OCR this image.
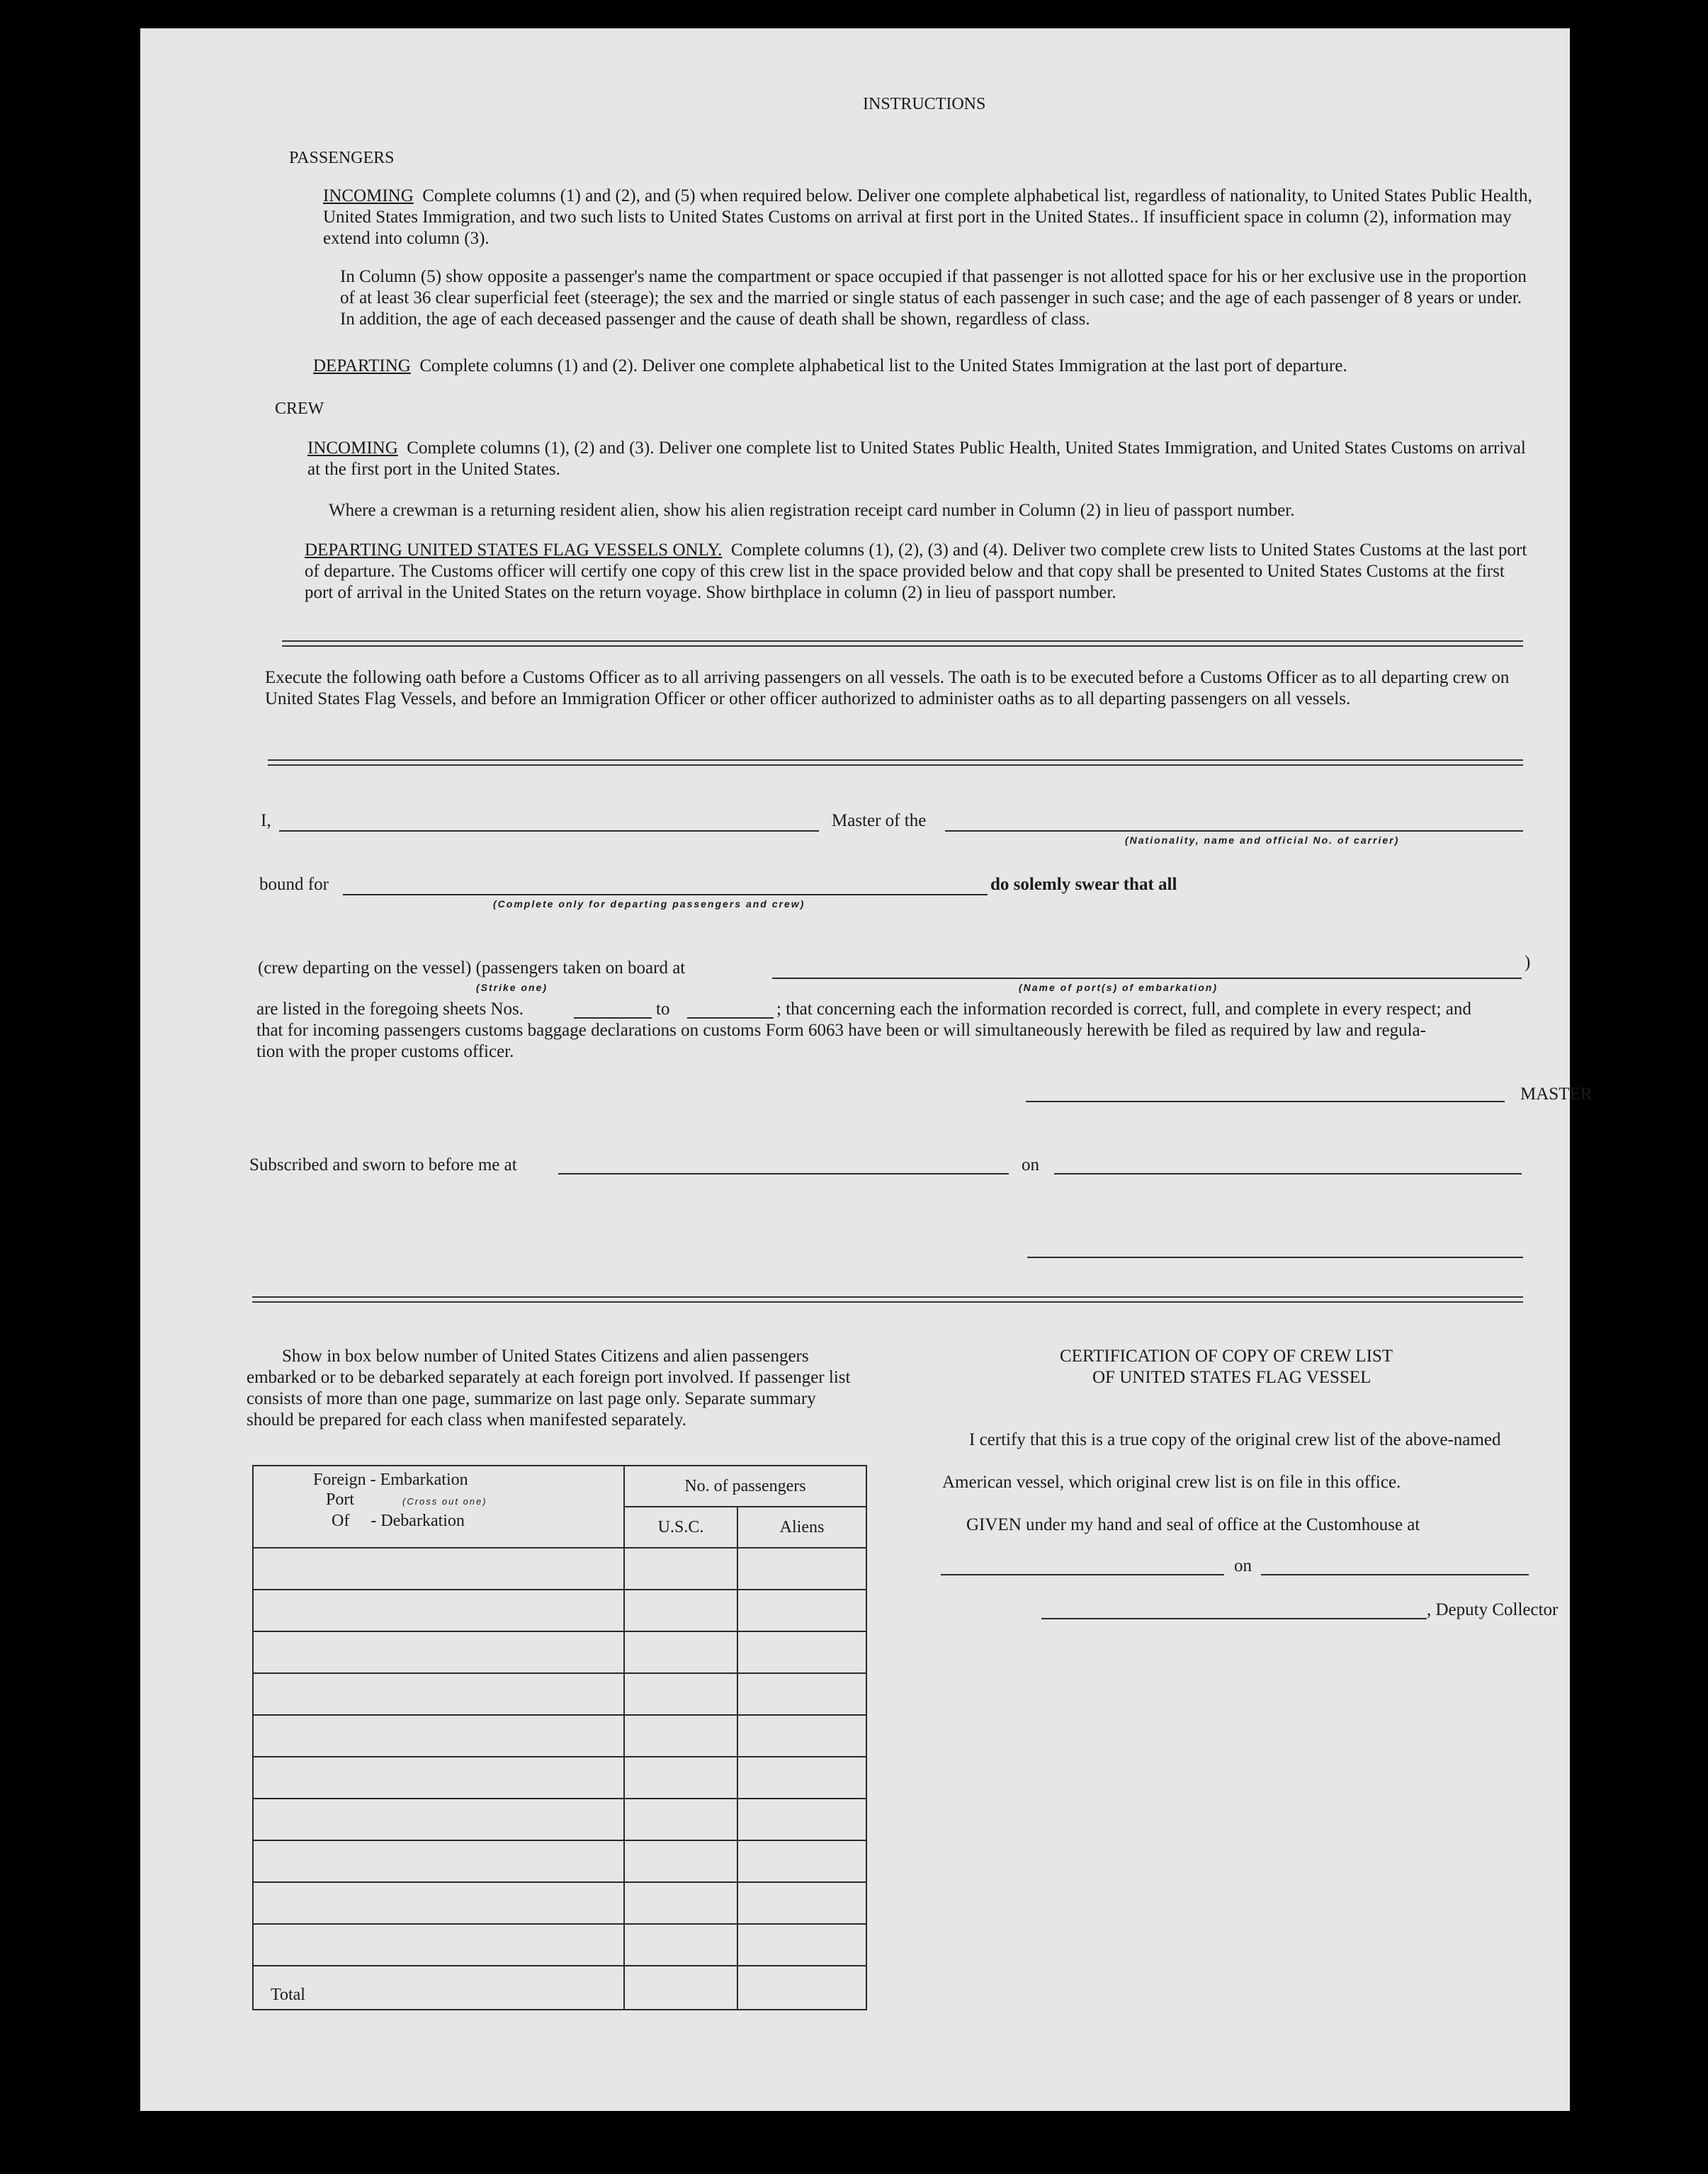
INSTRUCTIONS
PASSENGERS
INCOMING Complete columns (1) and (2), and (5) when required below. Deliver one complete alphabetical list, regardless of nationality, to United States Public Health, United States Immigration, and two such lists to United States Customs on arrival at first port in the United States.. If insufficient space in column (2), information may extend into column (3).
In Column (5) show opposite a passenger's name the compartment or space occupied if that passenger is not allotted space for his or her exclusive use in the proportion of at least 36 clear superficial feet (steerage); the sex and the married or single status of each passenger in such case; and the age of each passenger of 8 years or under. In addition, the age of each deceased passenger and the cause of death shall be shown, regardless of class.
DEPARTING Complete columns (1) and (2). Deliver one complete alphabetical list to the United States Immigration at the last port of departure.
CREW
INCOMING Complete columns (1), (2) and (3). Deliver one complete list to United States Public Health, United States Immigration, and United States Customs on arrival at the first port in the United States.
Where a crewman is a returning resident alien, show his alien registration receipt card number in Column (2) in lieu of passport number.
DEPARTING UNITED STATES FLAG VESSELS ONLY. Complete columns (1), (2), (3) and (4). Deliver two complete crew lists to United States Customs at the last port of departure. The Customs officer will certify one copy of this crew list in the space provided below and that copy shall be presented to United States Customs at the first port of arrival in the United States on the return voyage. Show birthplace in column (2) in lieu of passport number.
Execute the following oath before a Customs Officer as to all arriving passengers on all vessels. The oath is to be executed before a Customs Officer as to all departing crew on United States Flag Vessels, and before an Immigration Officer or other officer authorized to administer oaths as to all departing passengers on all vessels.
I,	Master of the
(Nationality, name and official No. of carrier)
bound for	do solemly swear that all
(Complete only for departing passengers and crew)
(crew departing on the vessel) (passengers taken on board at	)
(Strike one)	(Name of port(s) of embarkation)
are listed in the foregoing sheets Nos.	to	; that concerning each the information recorded is correct, full, and complete in every respect; and
that for incoming passengers customs baggage declarations on customs Form 6063 have been or will simultaneously herewith be filed as required by law and regula-
tion with the proper customs officer.
MASTER
Subscribed and sworn to before me at	on
Show in box below number of United States Citizens and alien passengers embarked or to be debarked separately at each foreign port involved. If passenger list consists of more than one page, summarize on last page only. Separate summary should be prepared for each class when manifested separately.
Foreign - Embarkation
Port (Cross out one)
Of     - Debarkation	No. of passengers	
	U.S.C.	Aliens

Total		
CERTIFICATION OF COPY OF CREW LIST
OF UNITED STATES FLAG VESSEL
I certify that this is a true copy of the original crew list of the above-named
American vessel, which original crew list is on file in this office.
GIVEN under my hand and seal of office at the Customhouse at
on
, Deputy Collector
